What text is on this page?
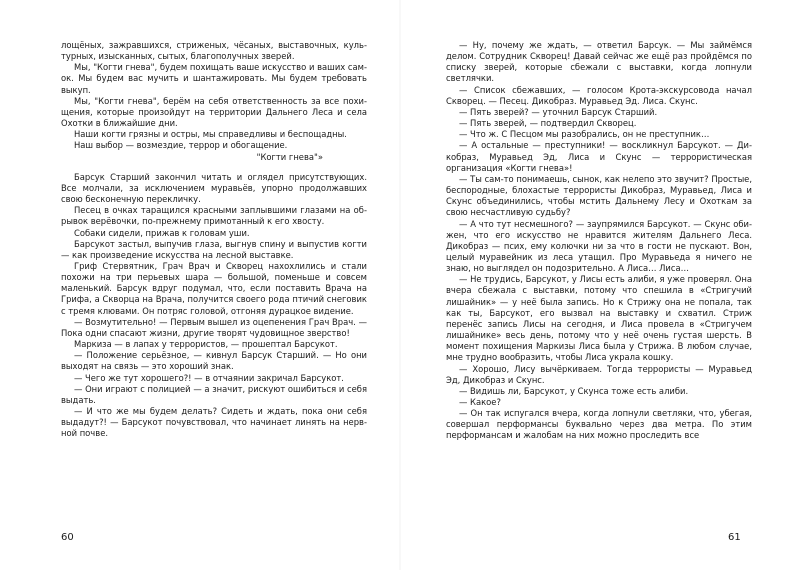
лощёных, зажравшихся, стриженых, чёсаных, выставочных, культурных, изысканных, сытых, благополучных зверей.

Мы, "Когти гнева", будем похищать ваше искусство и ваших самок. Мы будем вас мучить и шантажировать. Мы будем требовать выкуп.

Мы, "Когти гнева", берём на себя ответственность за все похищения, которые произойдут на территории Дальнего Леса и села Охотки в ближайшие дни.

Наши когти грязны и остры, мы справедливы и беспощадны.

Наш выбор — возмездие, террор и обогащение.

"Когти гнева"»

Барсук Старший закончил читать и оглядел присутствующих. Все молчали, за исключением муравьёв, упорно продолжавших свою бесконечную перекличку.

Песец в очках таращился красными заплывшими глазами на обрывок верёвочки, по-прежнему примотанный к его хвосту.

Собаки сидели, прижав к головам уши.

Барсукот застыл, выпучив глаза, выгнув спину и выпустив когти — как произведение искусства на лесной выставке.

Гриф Стервятник, Грач Врач и Скворец нахохлились и стали похожи на три перьевых шара — большой, поменьше и совсем маленький. Барсук вдруг подумал, что, если поставить Врача на Грифа, а Скворца на Врача, получится своего рода птичий снеговик с тремя клювами. Он потряс головой, отгоняя дурацкое видение.

— Возмутительно! — Первым вышел из оцепенения Грач Врач. — Пока одни спасают жизни, другие творят чудовищное зверство!

Маркиза — в лапах у террористов, — прошептал Барсукот.

— Положение серьёзное, — кивнул Барсук Старший. — Но они выходят на связь — это хороший знак.

— Чего же тут хорошего?! — в отчаянии закричал Барсукот.

— Они играют с полицией — а значит, рискуют ошибиться и себя выдать.

— И что же мы будем делать? Сидеть и ждать, пока они себя выдадут?! — Барсукот почувствовал, что начинает линять на нервной почве.

60

— Ну, почему же ждать, — ответил Барсук. — Мы займёмся делом. Сотрудник Скворец! Давай сейчас же ещё раз пройдёмся по списку зверей, которые сбежали с выставки, когда лопнули светлячки.

— Список сбежавших, — голосом Крота-экскурсовода начал Скворец. — Песец. Дикобраз. Муравьед Эд. Лиса. Скунс.

— Пять зверей? — уточнил Барсук Старший.

— Пять зверей, — подтвердил Скворец.

— Что ж. С Песцом мы разобрались, он не преступник…

— А остальные — преступники! — воскликнул Барсукот. — Дикобраз, Муравьед Эд, Лиса и Скунс — террористическая организация «Когти гнева»!

— Ты сам-то понимаешь, сынок, как нелепо это звучит? Простые, беспородные, блохастые террористы Дикобраз, Муравьед, Лиса и Скунс объединились, чтобы мстить Дальнему Лесу и Охоткам за свою несчастливую судьбу?

— А что тут несмешного? — заупрямился Барсукот. — Скунс обижен, что его искусство не нравится жителям Дальнего Леса. Дикобраз — псих, ему колючки ни за что в гости не пускают. Вон, целый муравейник из леса утащил. Про Муравьеда я ничего не знаю, но выглядел он подозрительно. А Лиса… Лиса…

— Не трудись, Барсукот, у Лисы есть алиби, я уже проверял. Она вчера сбежала с выставки, потому что спешила в «Стригучий лишайник» — у неё была запись. Но к Стрижу она не попала, так как ты, Барсукот, его вызвал на выставку и схватил. Стриж перенёс запись Лисы на сегодня, и Лиса провела в «Стригучем лишайнике» весь день, потому что у неё очень густая шерсть. В момент похищения Маркизы Лиса была у Стрижа. В любом случае, мне трудно вообразить, чтобы Лиса украла кошку.

— Хорошо, Лису вычёркиваем. Тогда террористы — Муравьед Эд, Дикобраз и Скунс.

— Видишь ли, Барсукот, у Скунса тоже есть алиби.

— Какое?

— Он так испугался вчера, когда лопнули светляки, что, убегая, совершал перформансы буквально через два метра. По этим перформансам и жалобам на них можно проследить все

61
